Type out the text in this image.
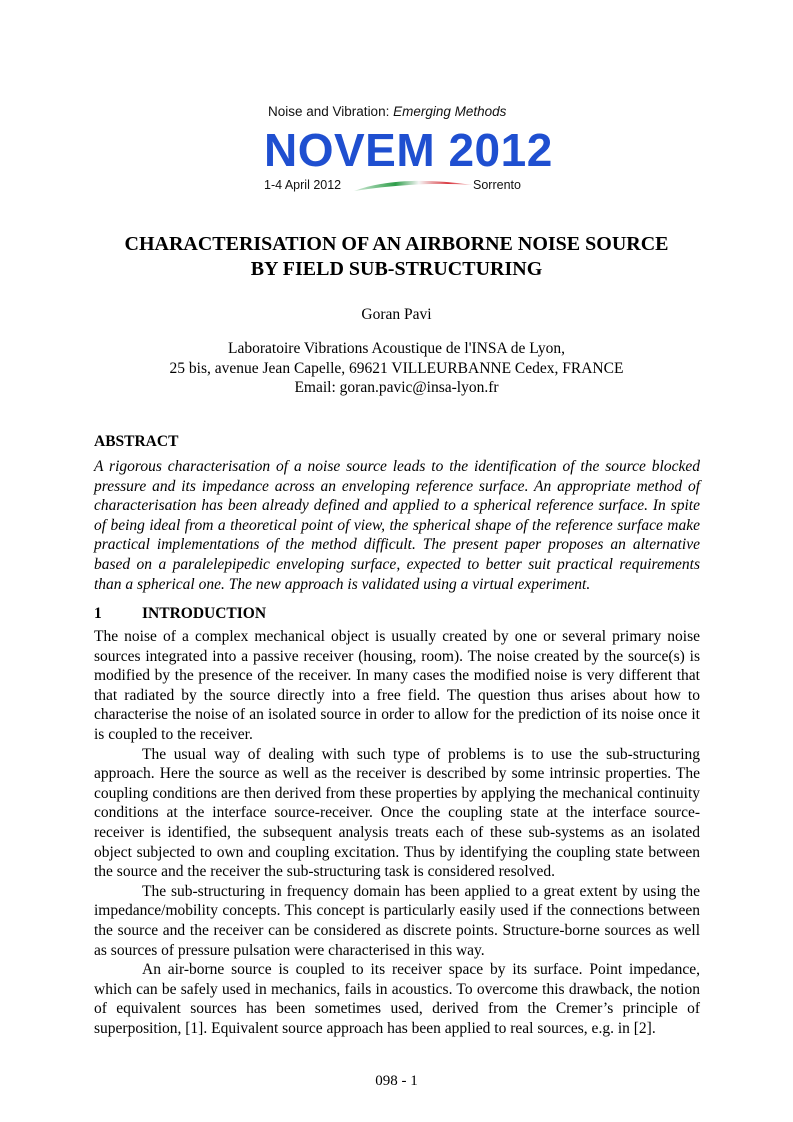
Noise and Vibration: Emerging Methods
NOVEM 2012
1-4 April 2012	Sorrento
CHARACTERISATION OF AN AIRBORNE NOISE SOURCE
BY FIELD SUB-STRUCTURING
Goran Pavi
Laboratoire Vibrations Acoustique de l'INSA de Lyon,
25 bis, avenue Jean Capelle, 69621 VILLEURBANNE Cedex, FRANCE
Email: goran.pavic@insa-lyon.fr
ABSTRACT
A rigorous characterisation of a noise source leads to the identification of the source blocked pressure and its impedance across an enveloping reference surface. An appropriate method of characterisation has been already defined and applied to a spherical reference surface. In spite of being ideal from a theoretical point of view, the spherical shape of the reference surface make practical implementations of the method difficult. The present paper proposes an alternative based on a paralelepipedic enveloping surface, expected to better suit practical requirements than a spherical one. The new approach is validated using a virtual experiment.
1	INTRODUCTION

The noise of a complex mechanical object is usually created by one or several primary noise sources integrated into a passive receiver (housing, room). The noise created by the source(s) is modified by the presence of the receiver. In many cases the modified noise is very different that that radiated by the source directly into a free field. The question thus arises about how to characterise the noise of an isolated source in order to allow for the prediction of its noise once it is coupled to the receiver.

The usual way of dealing with such type of problems is to use the sub-structuring approach. Here the source as well as the receiver is described by some intrinsic properties. The coupling conditions are then derived from these properties by applying the mechanical continuity conditions at the interface source-receiver. Once the coupling state at the interface source-receiver is identified, the subsequent analysis treats each of these sub-systems as an isolated object subjected to own and coupling excitation. Thus by identifying the coupling state between the source and the receiver the sub-structuring task is considered resolved.

The sub-structuring in frequency domain has been applied to a great extent by using the impedance/mobility concepts. This concept is particularly easily used if the connections between the source and the receiver can be considered as discrete points. Structure-borne sources as well as sources of pressure pulsation were characterised in this way.

An air-borne source is coupled to its receiver space by its surface. Point impedance, which can be safely used in mechanics, fails in acoustics. To overcome this drawback, the notion of equivalent sources has been sometimes used, derived from the Cremer’s principle of superposition, [1]. Equivalent source approach has been applied to real sources, e.g. in [2].

098 - 1
